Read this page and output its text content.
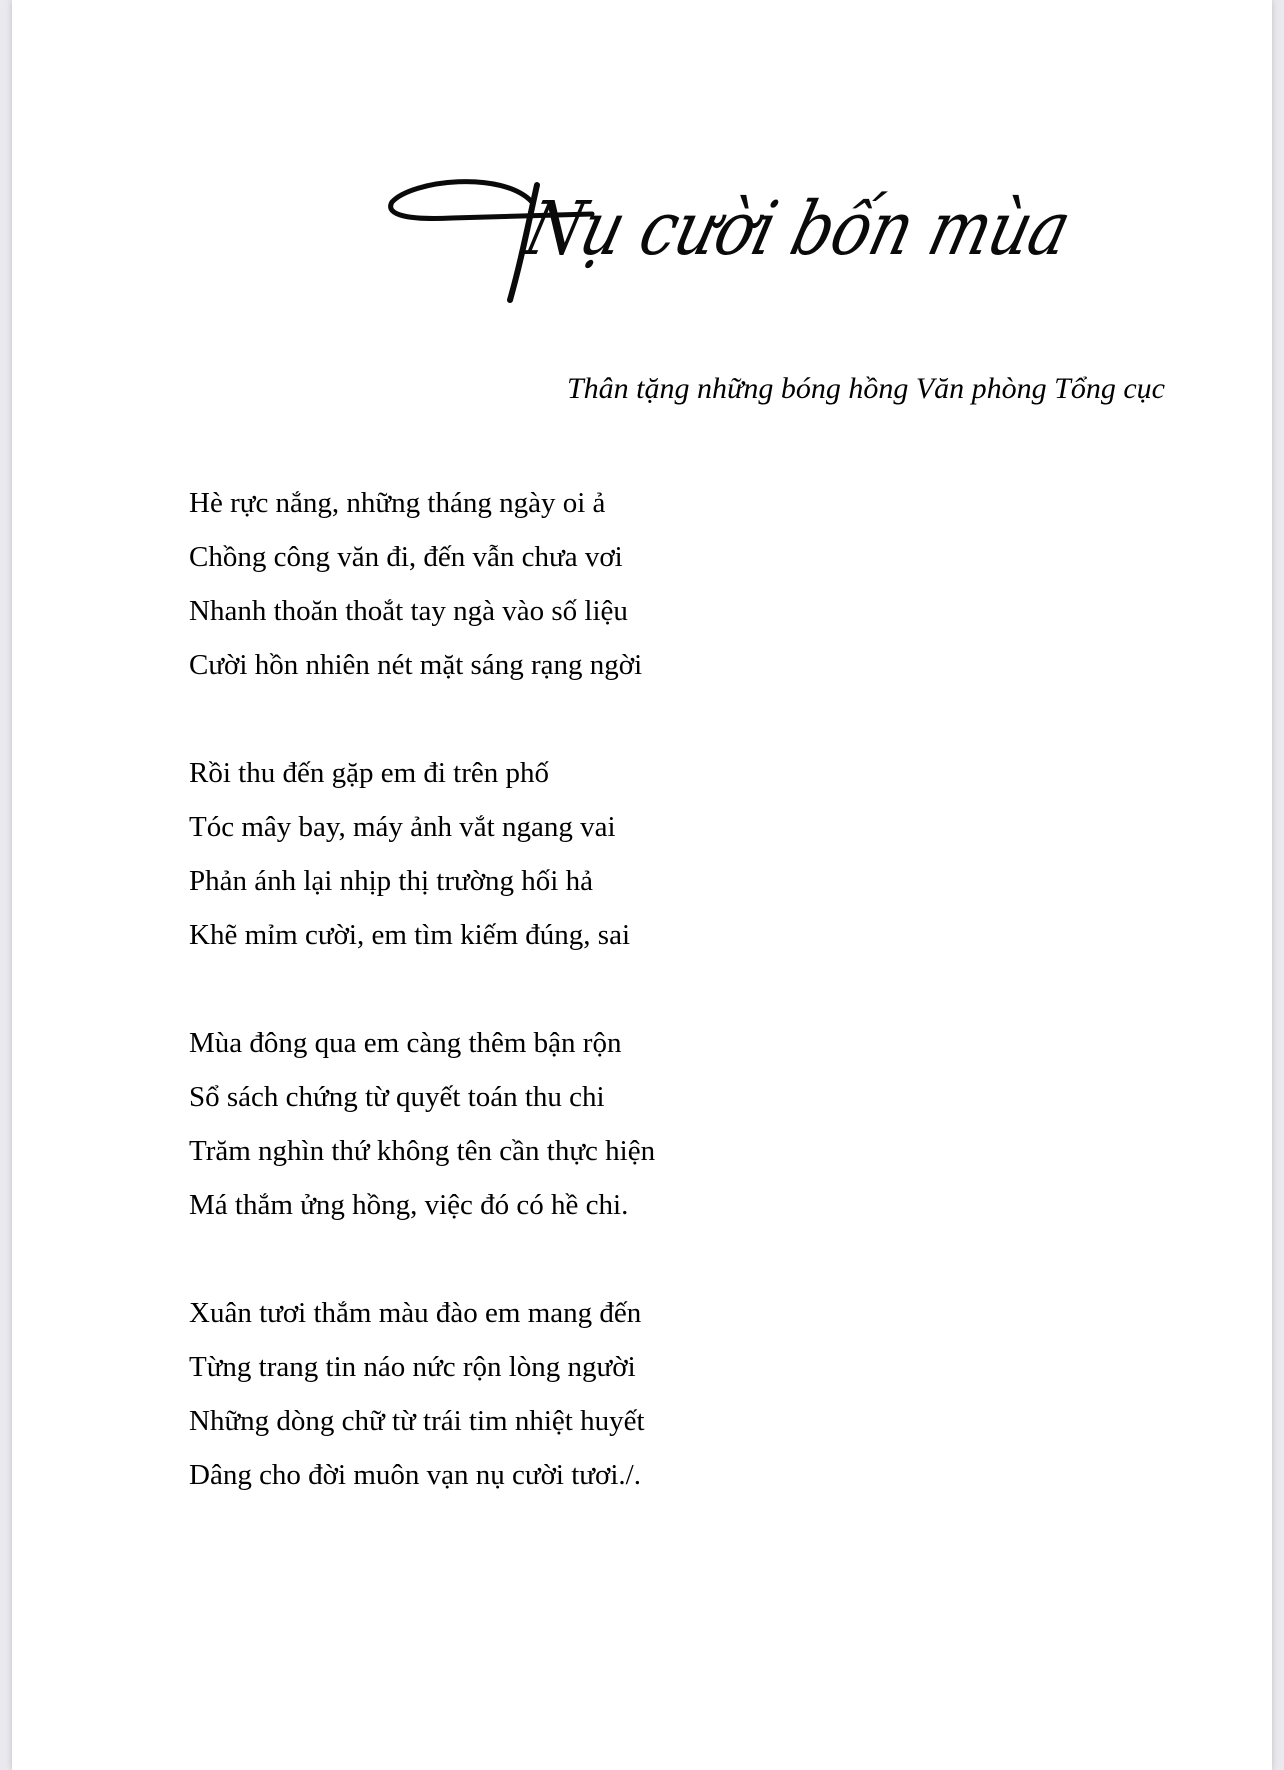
Nụ cười bốn mùa
Thân tặng những bóng hồng Văn phòng Tổng cục
Hè rực nắng, những tháng ngày oi ả
Chồng công văn đi, đến vẫn chưa vơi
Nhanh thoăn thoắt tay ngà vào số liệu
Cười hồn nhiên nét mặt sáng rạng ngời
Rồi thu đến gặp em đi trên phố
Tóc mây bay, máy ảnh vắt ngang vai
Phản ánh lại nhịp thị trường hối hả
Khẽ mỉm cười, em tìm kiếm đúng, sai
Mùa đông qua em càng thêm bận rộn
Sổ sách chứng từ quyết toán thu chi
Trăm nghìn thứ không tên cần thực hiện
Má thắm ửng hồng, việc đó có hề chi.
Xuân tươi thắm màu đào em mang đến
Từng trang tin náo nức rộn lòng người
Những dòng chữ từ trái tim nhiệt huyết
Dâng cho đời muôn vạn nụ cười tươi./.
